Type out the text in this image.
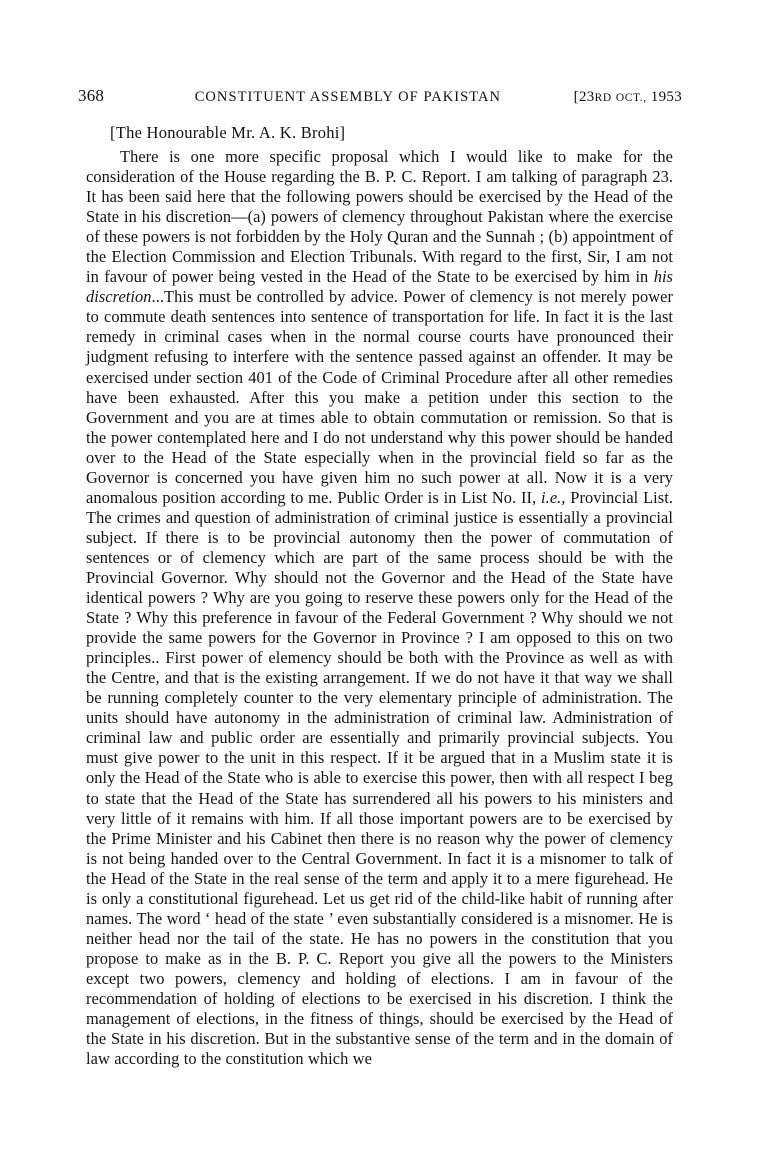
368	CONSTITUENT ASSEMBLY OF PAKISTAN	[23RD OCT., 1953
[The Honourable Mr. A. K. Brohi]

There is one more specific proposal which I would like to make for the consideration of the House regarding the B. P. C. Report. I am talking of paragraph 23. It has been said here that the following powers should be exercised by the Head of the State in his discretion—(a) powers of clemency throughout Pakistan where the exercise of these powers is not forbidden by the Holy Quran and the Sunnah ; (b) appointment of the Election Commission and Election Tribunals. With regard to the first, Sir, I am not in favour of power being vested in the Head of the State to be exercised by him in his discretion...This must be controlled by advice. Power of clemency is not merely power to commute death sentences into sentence of transportation for life. In fact it is the last remedy in criminal cases when in the normal course courts have pronounced their judgment refusing to interfere with the sentence passed against an offender. It may be exercised under section 401 of the Code of Criminal Procedure after all other remedies have been exhausted. After this you make a petition under this section to the Government and you are at times able to obtain commutation or remission. So that is the power contemplated here and I do not understand why this power should be handed over to the Head of the State especially when in the provincial field so far as the Governor is concerned you have given him no such power at all. Now it is a very anomalous position according to me. Public Order is in List No. II, i.e., Provincial List. The crimes and question of administration of criminal justice is essentially a provincial subject. If there is to be provincial autonomy then the power of commutation of sentences or of clemency which are part of the same process should be with the Provincial Governor. Why should not the Governor and the Head of the State have identical powers ? Why are you going to reserve these powers only for the Head of the State ? Why this preference in favour of the Federal Government ? Why should we not provide the same powers for the Governor in Province ? I am opposed to this on two principles.. First power of elemency should be both with the Province as well as with the Centre, and that is the existing arrangement. If we do not have it that way we shall be running completely counter to the very elementary principle of administration. The units should have autonomy in the administration of criminal law. Administration of criminal law and public order are essentially and primarily provincial subjects. You must give power to the unit in this respect. If it be argued that in a Muslim state it is only the Head of the State who is able to exercise this power, then with all respect I beg to state that the Head of the State has surrendered all his powers to his ministers and very little of it remains with him. If all those important powers are to be exercised by the Prime Minister and his Cabinet then there is no reason why the power of clemency is not being handed over to the Central Government. In fact it is a misnomer to talk of the Head of the State in the real sense of the term and apply it to a mere figurehead. He is only a constitutional figurehead. Let us get rid of the child-like habit of running after names. The word ‘ head of the state ’ even substantially considered is a misnomer. He is neither head nor the tail of the state. He has no powers in the constitution that you propose to make as in the B. P. C. Report you give all the powers to the Ministers except two powers, clemency and holding of elections. I am in favour of the recommendation of holding of elections to be exercised in his discretion. I think the management of elections, in the fitness of things, should be exercised by the Head of the State in his discretion. But in the substantive sense of the term and in the domain of law according to the constitution which we
